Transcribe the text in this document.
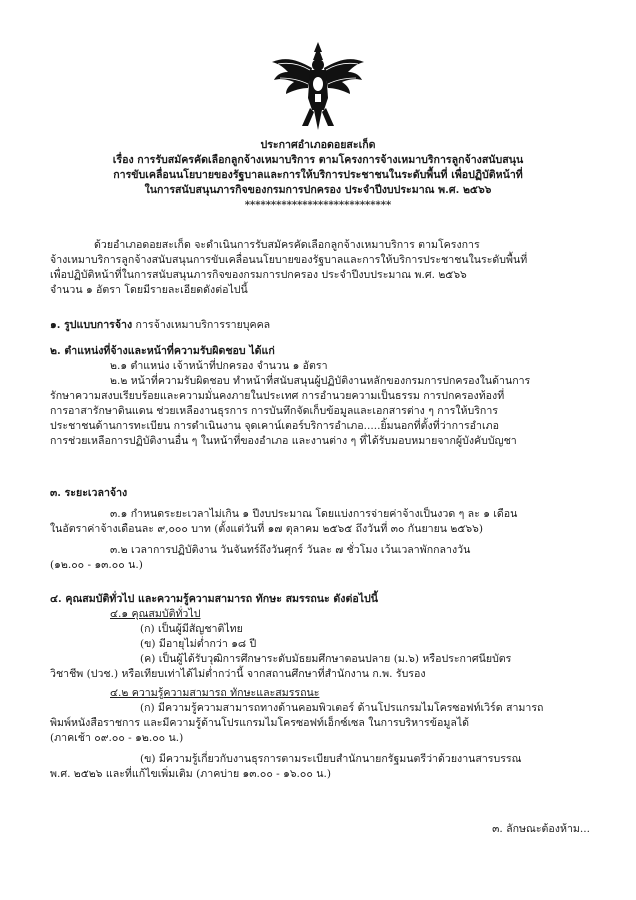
ประกาศอำเภอดอยสะเก็ด
เรื่อง การรับสมัครคัดเลือกลูกจ้างเหมาบริการ ตามโครงการจ้างเหมาบริการลูกจ้างสนับสนุน
การขับเคลื่อนนโยบายของรัฐบาลและการให้บริการประชาชนในระดับพื้นที่ เพื่อปฏิบัติหน้าที่
ในการสนับสนุนภารกิจของกรมการปกครอง ประจำปีงบประมาณ พ.ศ. ๒๕๖๖
****************************
ด้วยอำเภอดอยสะเก็ด จะดำเนินการรับสมัครคัดเลือกลูกจ้างเหมาบริการ ตามโครงการ
จ้างเหมาบริการลูกจ้างสนับสนุนการขับเคลื่อนนโยบายของรัฐบาลและการให้บริการประชาชนในระดับพื้นที่
เพื่อปฏิบัติหน้าที่ในการสนับสนุนภารกิจของกรมการปกครอง ประจำปีงบประมาณ พ.ศ. ๒๕๖๖
จำนวน ๑ อัตรา โดยมีรายละเอียดดังต่อไปนี้
๑. รูปแบบการจ้าง การจ้างเหมาบริการรายบุคคล
๒. ตำแหน่งที่จ้างและหน้าที่ความรับผิดชอบ ได้แก่
๒.๑ ตำแหน่ง เจ้าหน้าที่ปกครอง จำนวน ๑ อัตรา
๒.๒ หน้าที่ความรับผิดชอบ ทำหน้าที่สนับสนุนผู้ปฏิบัติงานหลักของกรมการปกครองในด้านการ
รักษาความสงบเรียบร้อยและความมั่นคงภายในประเทศ การอำนวยความเป็นธรรม การปกครองท้องที่
การอาสารักษาดินแดน ช่วยเหลืองานธุรการ การบันทึกจัดเก็บข้อมูลและเอกสารต่าง ๆ การให้บริการ
ประชาชนด้านการทะเบียน การดำเนินงาน จุดเคาน์เตอร์บริการอำเภอ.....ยิ้มนอกที่ตั้งที่ว่าการอำเภอ
การช่วยเหลือการปฏิบัติงานอื่น ๆ ในหน้าที่ของอำเภอ และงานต่าง ๆ ที่ได้รับมอบหมายจากผู้บังคับบัญชา
๓. ระยะเวลาจ้าง
๓.๑ กำหนดระยะเวลาไม่เกิน ๑ ปีงบประมาณ โดยแบ่งการจ่ายค่าจ้างเป็นงวด ๆ ละ ๑ เดือน
ในอัตราค่าจ้างเดือนละ ๙,๐๐๐ บาท (ตั้งแต่วันที่ ๑๗ ตุลาคม ๒๕๖๕ ถึงวันที่ ๓๐ กันยายน ๒๕๖๖)
๓.๒ เวลาการปฏิบัติงาน วันจันทร์ถึงวันศุกร์ วันละ ๗ ชั่วโมง เว้นเวลาพักกลางวัน
(๑๒.๐๐ - ๑๓.๐๐ น.)
๔. คุณสมบัติทั่วไป และความรู้ความสามารถ ทักษะ สมรรถนะ ดังต่อไปนี้
๔.๑ คุณสมบัติทั่วไป
(ก) เป็นผู้มีสัญชาติไทย
(ข) มีอายุไม่ต่ำกว่า ๑๘ ปี
(ค) เป็นผู้ได้รับวุฒิการศึกษาระดับมัธยมศึกษาตอนปลาย (ม.๖) หรือประกาศนียบัตร
วิชาชีพ (ปวช.) หรือเทียบเท่าได้ไม่ต่ำกว่านี้ จากสถานศึกษาที่สำนักงาน ก.พ. รับรอง
๔.๒ ความรู้ความสามารถ ทักษะและสมรรถนะ
(ก) มีความรู้ความสามารถทางด้านคอมพิวเตอร์ ด้านโปรแกรมไมโครซอฟท์เวิร์ด สามารถ
พิมพ์หนังสือราชการ และมีความรู้ด้านโปรแกรมไมโครซอฟท์เอ็กซ์เซล ในการบริหารข้อมูลได้
(ภาคเช้า ๐๙.๐๐ - ๑๒.๐๐ น.)
(ข) มีความรู้เกี่ยวกับงานธุรการตามระเบียบสำนักนายกรัฐมนตรีว่าด้วยงานสารบรรณ
พ.ศ. ๒๕๒๖ และที่แก้ไขเพิ่มเติม (ภาคบ่าย ๑๓.๐๐ - ๑๖.๐๐ น.)
๓. ลักษณะต้องห้าม...
